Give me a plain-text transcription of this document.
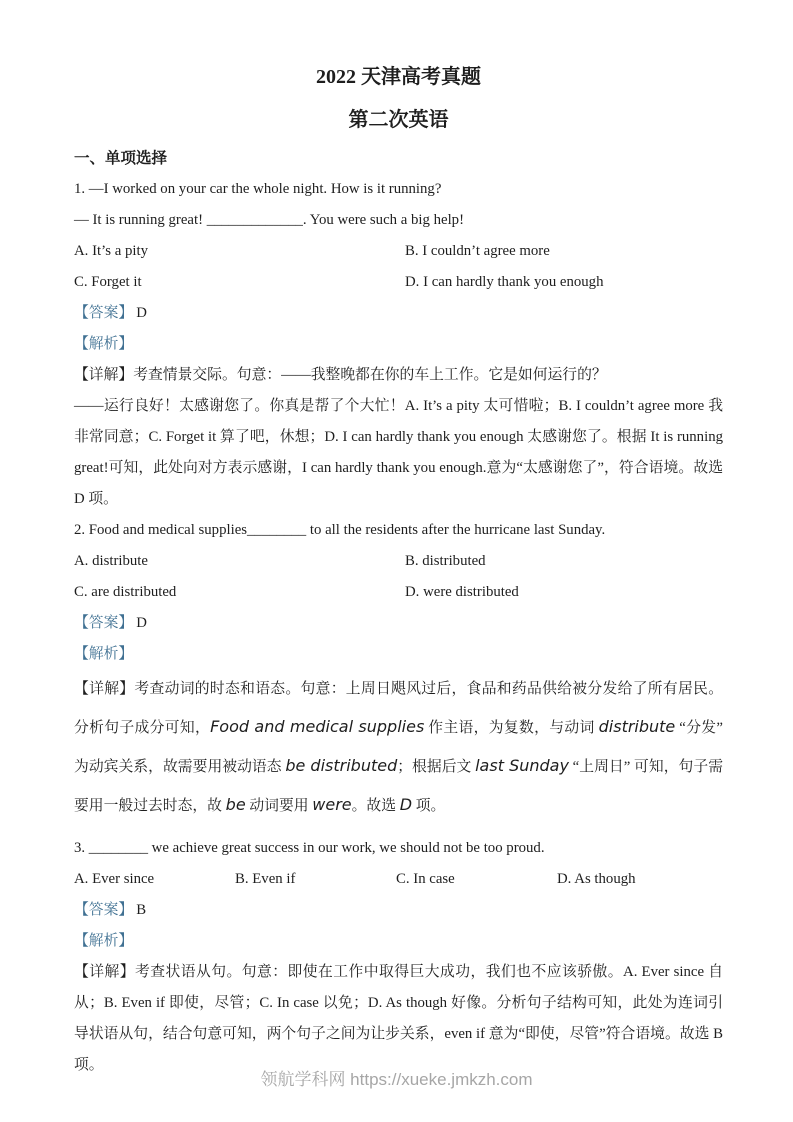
2022 天津高考真题
第二次英语
一、单项选择

1. —I worked on your car the whole night. How is it running?

— It is running great! _____________. You were such a big help!

A. It’s a pity	B. I couldn’t agree more
C. Forget it	D. I can hardly thank you enough

【答案】 D

【解析】

【详解】考查情景交际。句意：——我整晚都在你的车上工作。它是如何运行的？

——运行良好！太感谢您了。你真是帮了个大忙！A. It’s a pity 太可惜啦；B. I couldn’t agree more 我非常同意；C. Forget it 算了吧，休想；D. I can hardly thank you enough 太感谢您了。根据 It is running great!可知，此处向对方表示感谢，I can hardly thank you enough.意为“太感谢您了”，符合语境。故选 D 项。

2. Food and medical supplies________ to all the residents after the hurricane last Sunday.

A. distribute	B. distributed
C. are distributed	D. were distributed

【答案】 D

【解析】

【详解】考查动词的时态和语态。句意：上周日飓风过后，食品和药品供给被分发给了所有居民。分析句子成分可知，Food and medical supplies 作主语，为复数，与动词 distribute “分发” 为动宾关系，故需要用被动语态 be distributed；根据后文 last Sunday “上周日” 可知，句子需要用一般过去时态，故 be 动词要用 were。故选 D 项。

3. ________ we achieve great success in our work, we should not be too proud.

A. Ever since	B. Even if	C. In case	D. As though

【答案】 B

【解析】

【详解】考查状语从句。句意：即使在工作中取得巨大成功，我们也不应该骄傲。A. Ever since 自从；B. Even if 即使，尽管；C. In case 以免；D. As though 好像。分析句子结构可知，此处为连词引导状语从句，结合句意可知，两个句子之间为让步关系，even if 意为“即使，尽管”符合语境。故选 B 项。

领航学科网 https://xueke.jmkzh.com
